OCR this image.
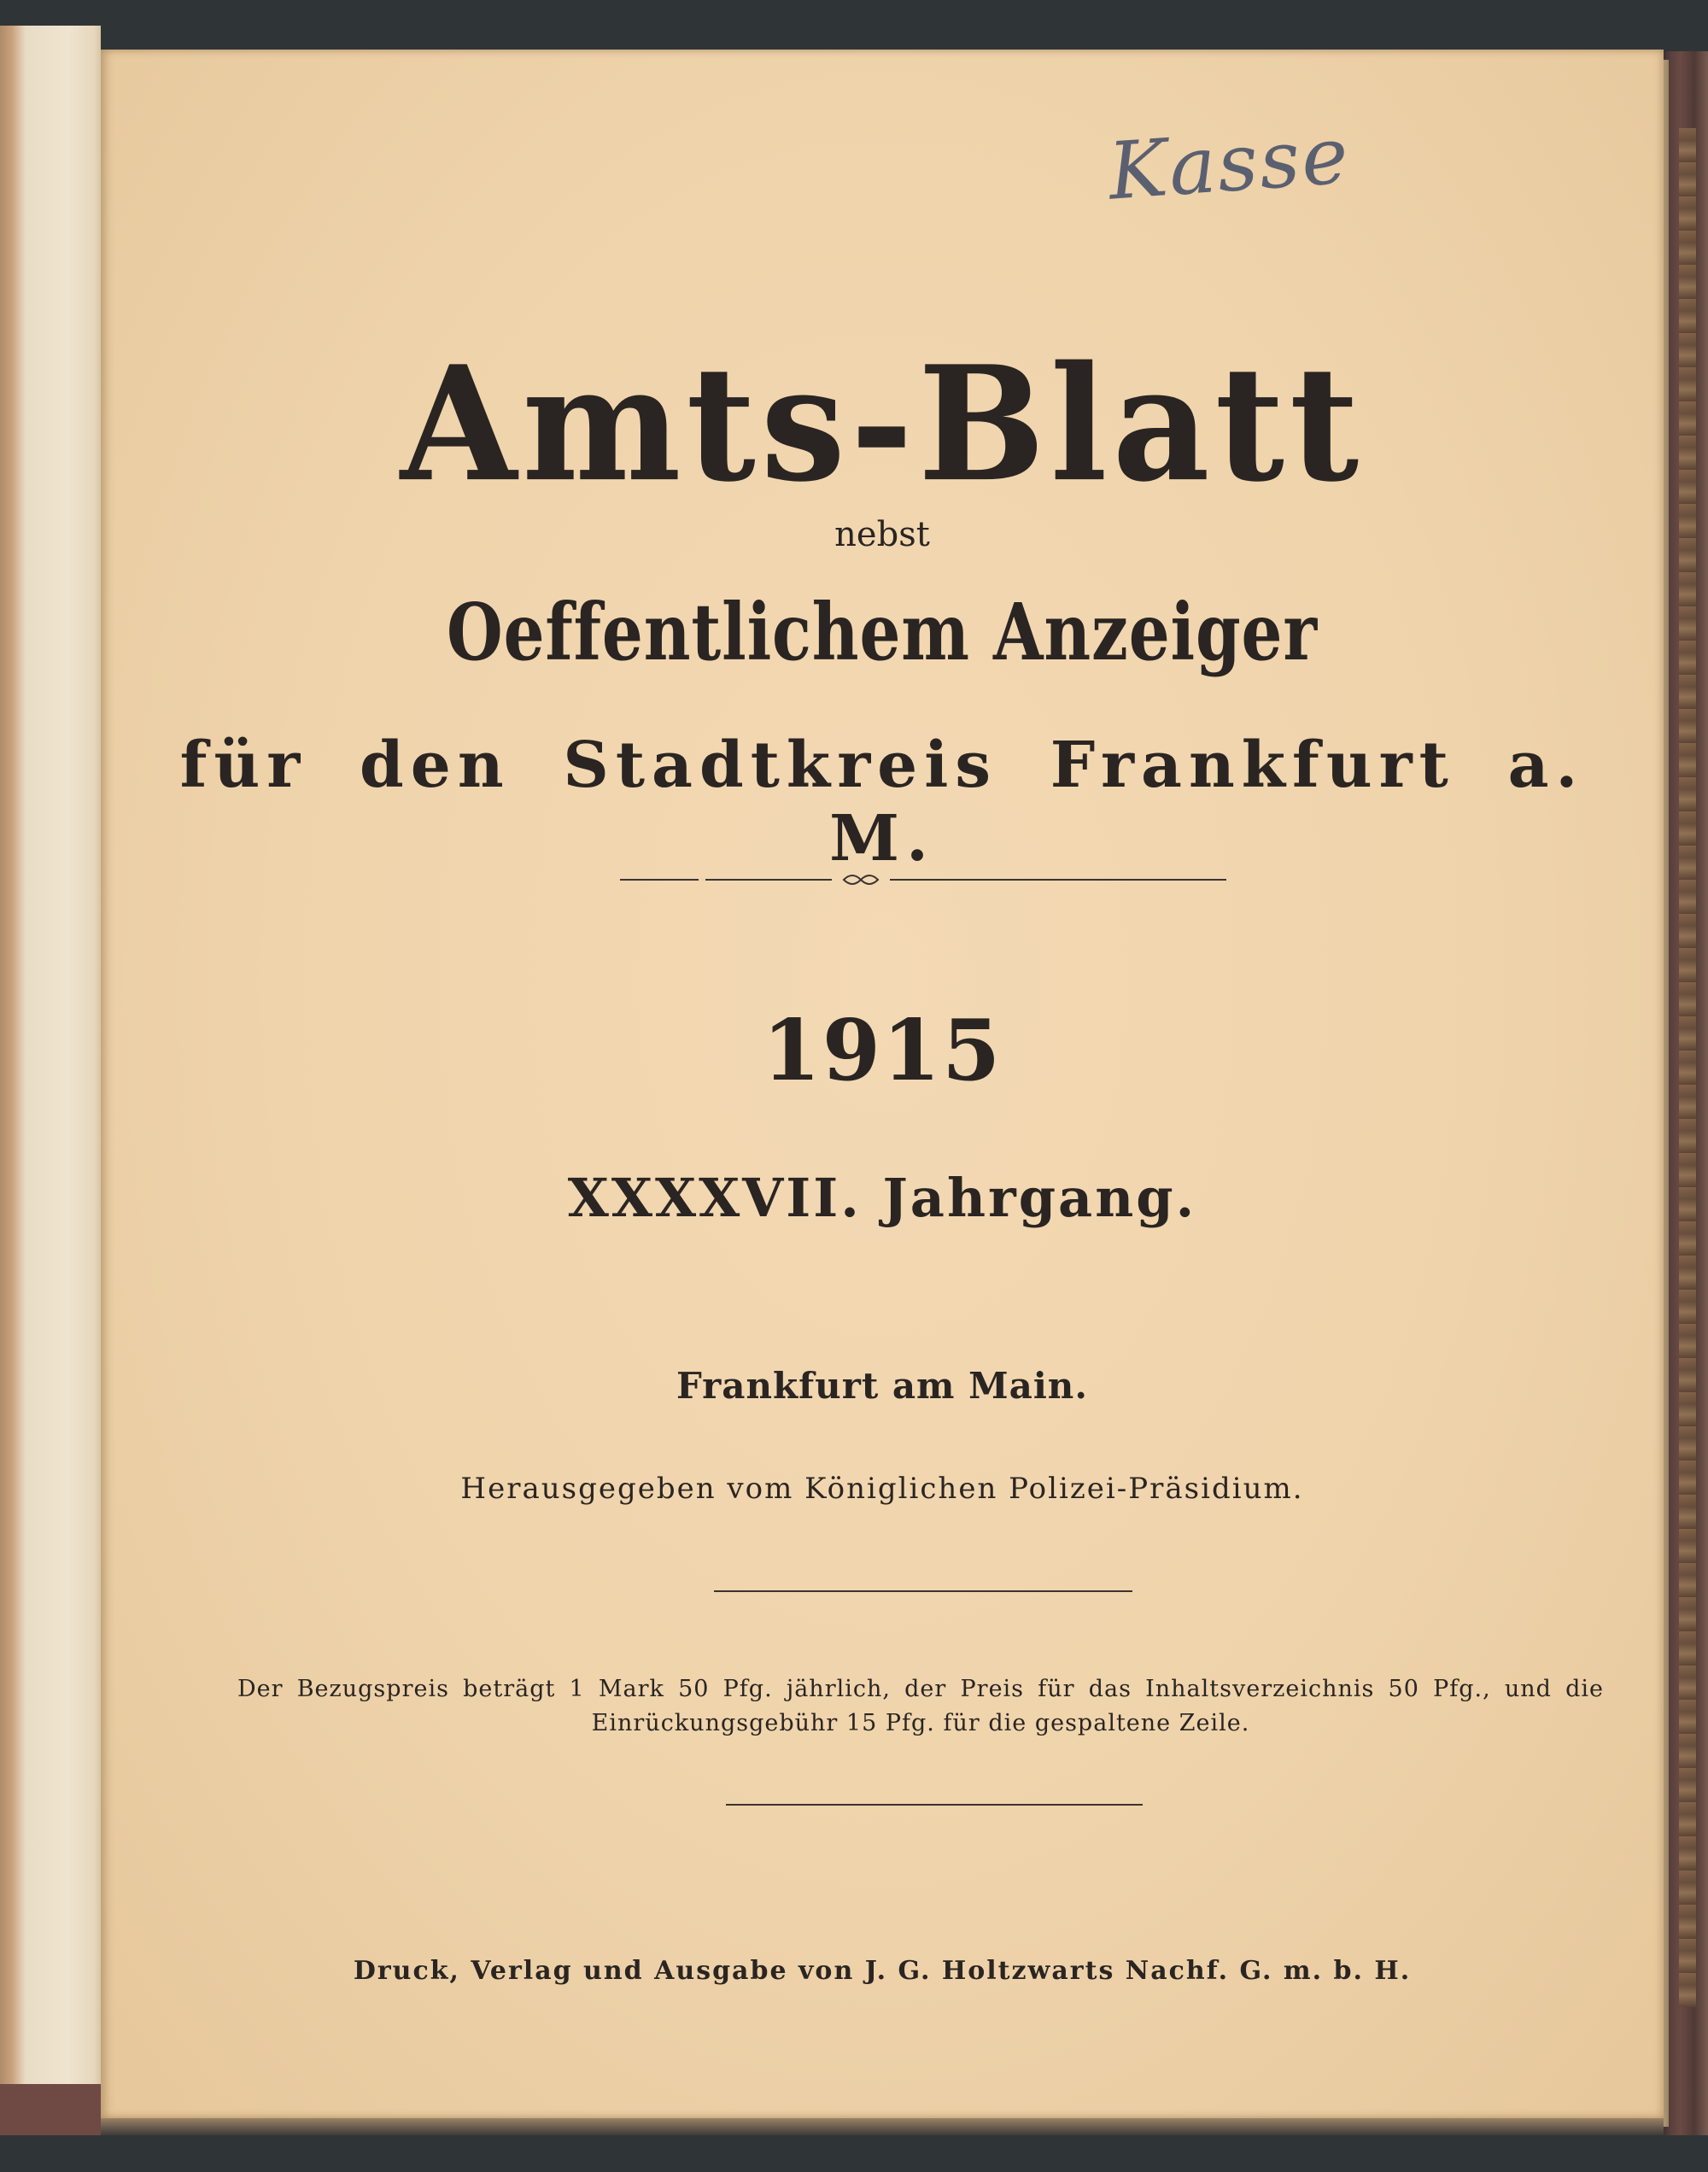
Kasse
Amts-Blatt
nebst
Oeffentlichem Anzeiger
für den Stadtkreis Frankfurt a. M.
1915
XXXXVII. Jahrgang.
Frankfurt am Main.
Herausgegeben vom Königlichen Polizei-Präsidium.
Der Bezugspreis beträgt 1 Mark 50 Pfg. jährlich, der Preis für das Inhaltsverzeichnis 50 Pfg., und die
Einrückungsgebühr 15 Pfg. für die gespaltene Zeile.
Druck, Verlag und Ausgabe von J. G. Holtzwarts Nachf. G. m. b. H.
